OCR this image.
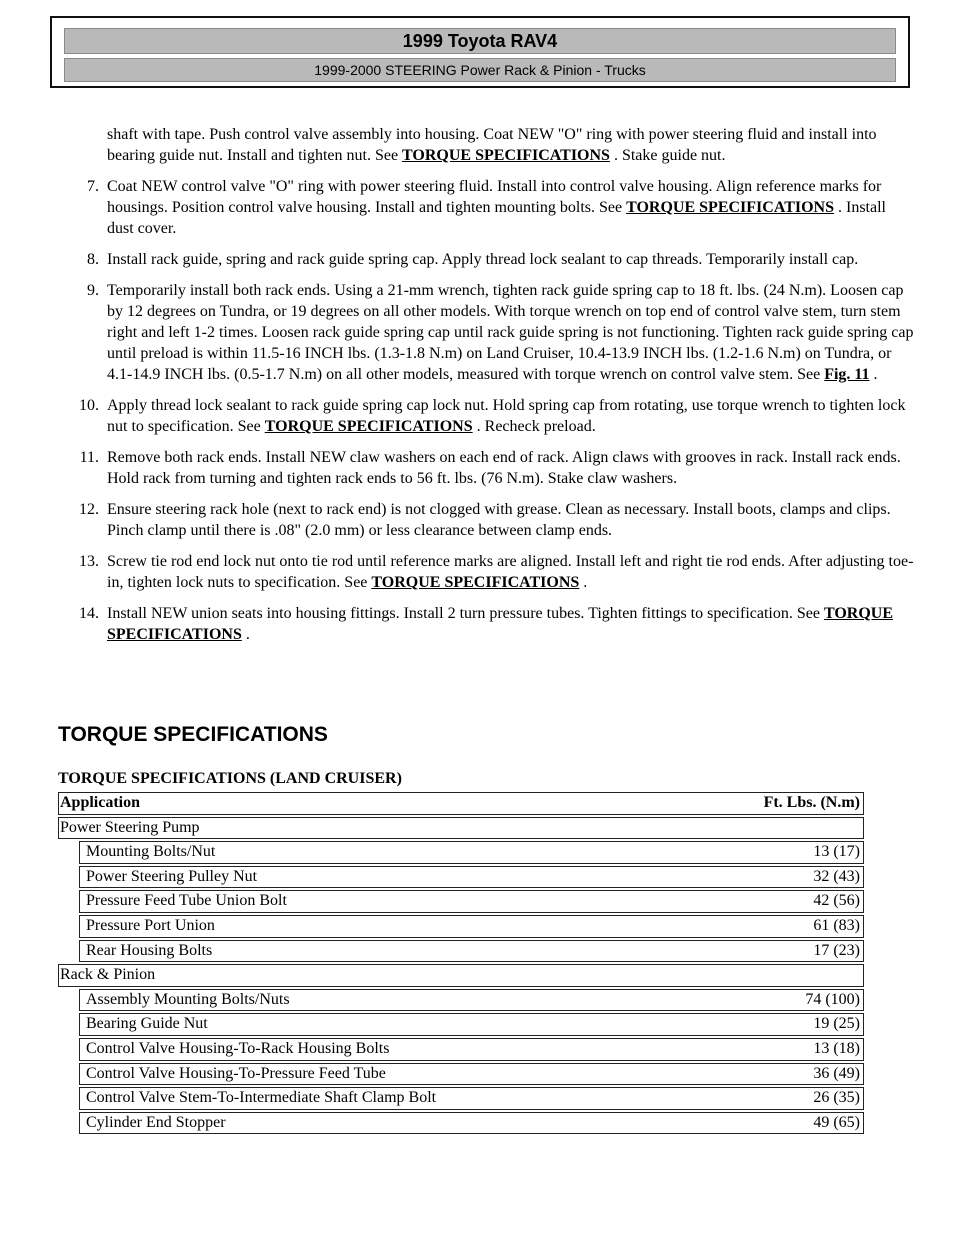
1999 Toyota RAV4
1999-2000 STEERING Power Rack & Pinion - Trucks
shaft with tape. Push control valve assembly into housing. Coat NEW "O" ring with power steering fluid and install into bearing guide nut. Install and tighten nut. See TORQUE SPECIFICATIONS . Stake guide nut.
7. Coat NEW control valve "O" ring with power steering fluid. Install into control valve housing. Align reference marks for housings. Position control valve housing. Install and tighten mounting bolts. See TORQUE SPECIFICATIONS . Install dust cover.
8. Install rack guide, spring and rack guide spring cap. Apply thread lock sealant to cap threads. Temporarily install cap.
9. Temporarily install both rack ends. Using a 21-mm wrench, tighten rack guide spring cap to 18 ft. lbs. (24 N.m). Loosen cap by 12 degrees on Tundra, or 19 degrees on all other models. With torque wrench on top end of control valve stem, turn stem right and left 1-2 times. Loosen rack guide spring cap until rack guide spring is not functioning. Tighten rack guide spring cap until preload is within 11.5-16 INCH lbs. (1.3-1.8 N.m) on Land Cruiser, 10.4-13.9 INCH lbs. (1.2-1.6 N.m) on Tundra, or 4.1-14.9 INCH lbs. (0.5-1.7 N.m) on all other models, measured with torque wrench on control valve stem. See Fig. 11 .
10. Apply thread lock sealant to rack guide spring cap lock nut. Hold spring cap from rotating, use torque wrench to tighten lock nut to specification. See TORQUE SPECIFICATIONS . Recheck preload.
11. Remove both rack ends. Install NEW claw washers on each end of rack. Align claws with grooves in rack. Install rack ends. Hold rack from turning and tighten rack ends to 56 ft. lbs. (76 N.m). Stake claw washers.
12. Ensure steering rack hole (next to rack end) is not clogged with grease. Clean as necessary. Install boots, clamps and clips. Pinch clamp until there is .08" (2.0 mm) or less clearance between clamp ends.
13. Screw tie rod end lock nut onto tie rod until reference marks are aligned. Install left and right tie rod ends. After adjusting toe-in, tighten lock nuts to specification. See TORQUE SPECIFICATIONS .
14. Install NEW union seats into housing fittings. Install 2 turn pressure tubes. Tighten fittings to specification. See TORQUE SPECIFICATIONS .
TORQUE SPECIFICATIONS
TORQUE SPECIFICATIONS (LAND CRUISER)
Application	Ft. Lbs. (N.m)
Power Steering Pump
Mounting Bolts/Nut	13 (17)
Power Steering Pulley Nut	32 (43)
Pressure Feed Tube Union Bolt	42 (56)
Pressure Port Union	61 (83)
Rear Housing Bolts	17 (23)
Rack & Pinion
Assembly Mounting Bolts/Nuts	74 (100)
Bearing Guide Nut	19 (25)
Control Valve Housing-To-Rack Housing Bolts	13 (18)
Control Valve Housing-To-Pressure Feed Tube	36 (49)
Control Valve Stem-To-Intermediate Shaft Clamp Bolt	26 (35)
Cylinder End Stopper	49 (65)
